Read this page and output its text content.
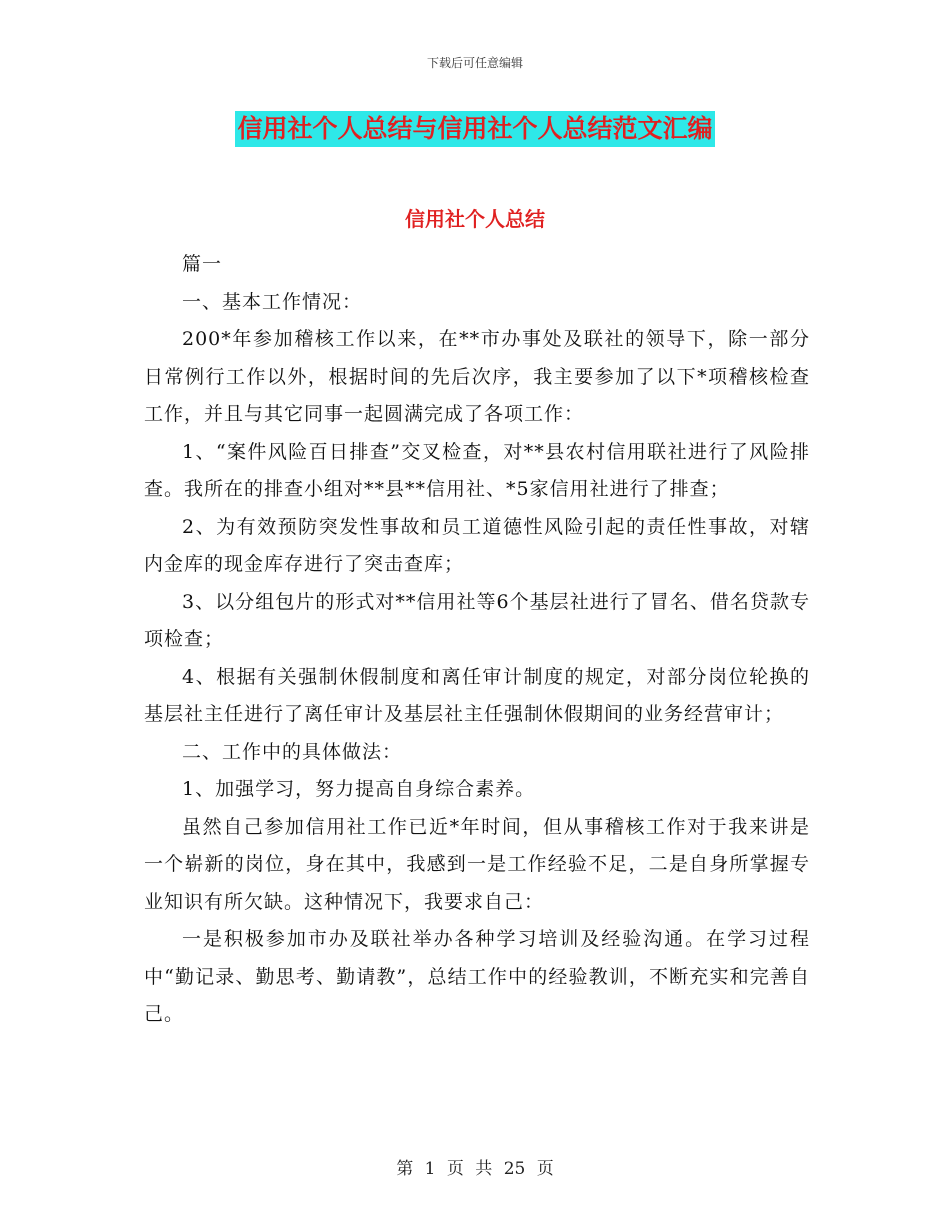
下载后可任意编辑
信用社个人总结与信用社个人总结范文汇编
信用社个人总结

篇一

一、基本工作情况：

200*年参加稽核工作以来，在**市办事处及联社的领导下，除一部分日常例行工作以外，根据时间的先后次序，我主要参加了以下*项稽核检查工作，并且与其它同事一起圆满完成了各项工作：

1、“案件风险百日排查”交叉检查，对**县农村信用联社进行了风险排查。我所在的排查小组对**县**信用社、*5家信用社进行了排查；

2、为有效预防突发性事故和员工道德性风险引起的责任性事故，对辖内金库的现金库存进行了突击查库；

3、以分组包片的形式对**信用社等6个基层社进行了冒名、借名贷款专项检查；

4、根据有关强制休假制度和离任审计制度的规定，对部分岗位轮换的基层社主任进行了离任审计及基层社主任强制休假期间的业务经营审计；

二、工作中的具体做法：

1、加强学习，努力提高自身综合素养。

虽然自己参加信用社工作已近*年时间，但从事稽核工作对于我来讲是一个崭新的岗位，身在其中，我感到一是工作经验不足，二是自身所掌握专业知识有所欠缺。这种情况下，我要求自己：

一是积极参加市办及联社举办各种学习培训及经验沟通。在学习过程中“勤记录、勤思考、勤请教”，总结工作中的经验教训，不断充实和完善自己。

第 1 页 共 25 页
